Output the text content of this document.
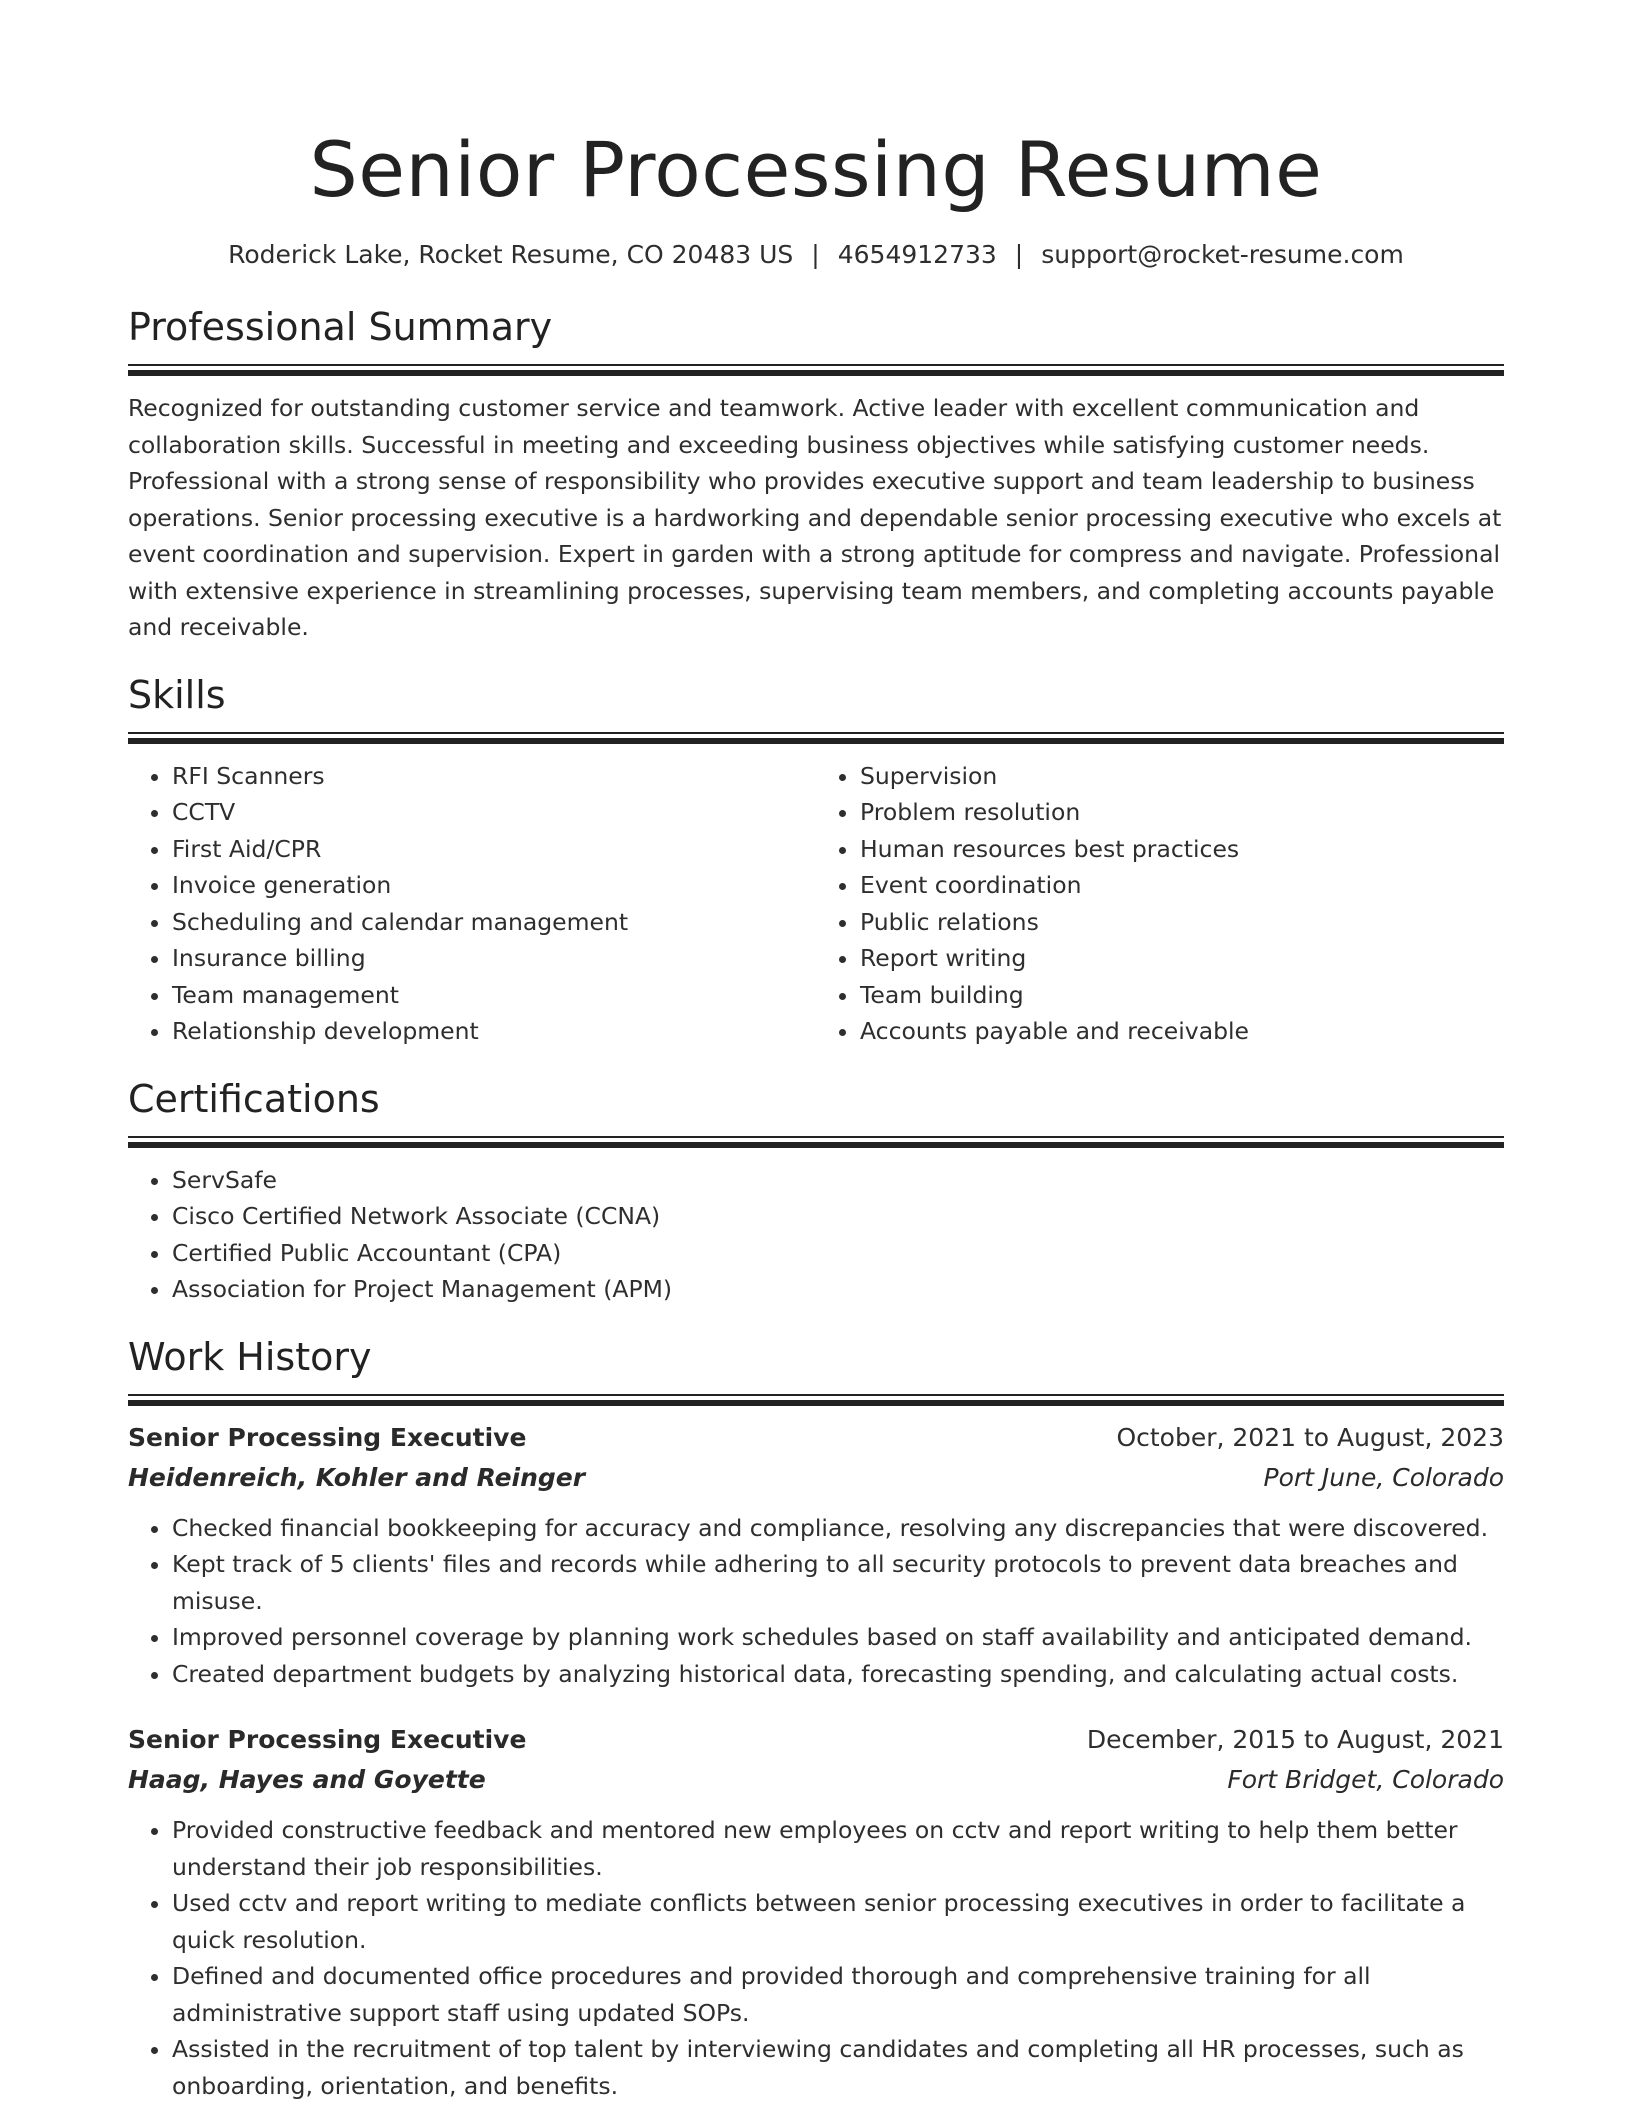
Senior Processing Resume
Roderick Lake, Rocket Resume, CO 20483 US | 4654912733 | support@rocket-resume.com
Professional Summary

Recognized for outstanding customer service and teamwork. Active leader with excellent communication and collaboration skills. Successful in meeting and exceeding business objectives while satisfying customer needs. Professional with a strong sense of responsibility who provides executive support and team leadership to business operations. Senior processing executive is a hardworking and dependable senior processing executive who excels at event coordination and supervision. Expert in garden with a strong aptitude for compress and navigate. Professional with extensive experience in streamlining processes, supervising team members, and completing accounts payable and receivable.

Skills
• RFI Scanners
• CCTV
• First Aid/CPR
• Invoice generation
• Scheduling and calendar management
• Insurance billing
• Team management
• Relationship development
• Supervision
• Problem resolution
• Human resources best practices
• Event coordination
• Public relations
• Report writing
• Team building
• Accounts payable and receivable
Certifications
• ServSafe
• Cisco Certified Network Associate (CCNA)
• Certified Public Accountant (CPA)
• Association for Project Management (APM)
Work History
Senior Processing Executive	October, 2021 to August, 2023
Heidenreich, Kohler and Reinger	Port June, Colorado
• Checked financial bookkeeping for accuracy and compliance, resolving any discrepancies that were discovered.
• Kept track of 5 clients' files and records while adhering to all security protocols to prevent data breaches and misuse.
• Improved personnel coverage by planning work schedules based on staff availability and anticipated demand.
• Created department budgets by analyzing historical data, forecasting spending, and calculating actual costs.
Senior Processing Executive	December, 2015 to August, 2021
Haag, Hayes and Goyette	Fort Bridget, Colorado
• Provided constructive feedback and mentored new employees on cctv and report writing to help them better understand their job responsibilities.
• Used cctv and report writing to mediate conflicts between senior processing executives in order to facilitate a quick resolution.
• Defined and documented office procedures and provided thorough and comprehensive training for all administrative support staff using updated SOPs.
• Assisted in the recruitment of top talent by interviewing candidates and completing all HR processes, such as onboarding, orientation, and benefits.
